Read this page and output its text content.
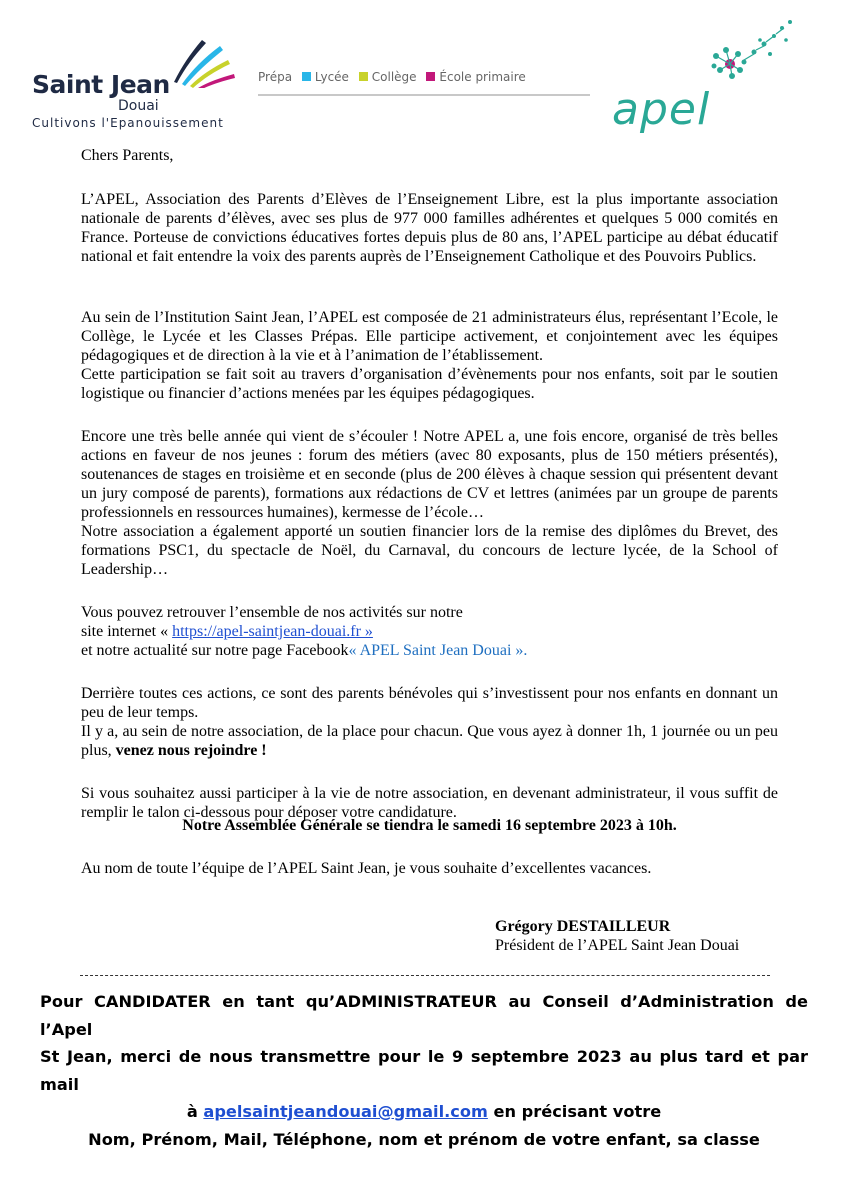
Saint Jean
Douai
Cultivons l'Epanouissement
Prépa Lycée Collège École primaire
apel
Chers Parents,

L’APEL, Association des Parents d’Elèves de l’Enseignement Libre, est la plus importante association nationale de parents d’élèves, avec ses plus de 977 000 familles adhérentes et quelques 5 000 comités en France. Porteuse de convictions éducatives fortes depuis plus de 80 ans, l’APEL participe au débat éducatif national et fait entendre la voix des parents auprès de l’Enseignement Catholique et des Pouvoirs Publics.

Au sein de l’Institution Saint Jean, l’APEL est composée de 21 administrateurs élus, représentant l’Ecole, le Collège, le Lycée et les Classes Prépas. Elle participe activement, et conjointement avec les équipes pédagogiques et de direction à la vie et à l’animation de l’établissement.

Cette participation se fait soit au travers d’organisation d’évènements pour nos enfants, soit par le soutien logistique ou financier d’actions menées par les équipes pédagogiques.

Encore une très belle année qui vient de s’écouler ! Notre APEL a, une fois encore, organisé de très belles actions en faveur de nos jeunes : forum des métiers (avec 80 exposants, plus de 150 métiers présentés), soutenances de stages en troisième et en seconde (plus de 200 élèves à chaque session qui présentent devant un jury composé de parents), formations aux rédactions de CV et lettres (animées par un groupe de parents professionnels en ressources humaines), kermesse de l’école…

Notre association a également apporté un soutien financier lors de la remise des diplômes du Brevet, des formations PSC1, du spectacle de Noël, du Carnaval, du concours de lecture lycée, de la School of Leadership…

Vous pouvez retrouver l’ensemble de nos activités sur notre

site internet « https://apel-saintjean-douai.fr »

et notre actualité sur notre page Facebook« APEL Saint Jean Douai ».

Derrière toutes ces actions, ce sont des parents bénévoles qui s’investissent pour nos enfants en donnant un peu de leur temps.

Il y a, au sein de notre association, de la place pour chacun. Que vous ayez à donner 1h, 1 journée ou un peu plus, venez nous rejoindre !

Si vous souhaitez aussi participer à la vie de notre association, en devenant administrateur, il vous suffit de remplir le talon ci-dessous pour déposer votre candidature.

Notre Assemblée Générale se tiendra le samedi 16 septembre 2023 à 10h.
Au nom de toute l’équipe de l’APEL Saint Jean, je vous souhaite d’excellentes vacances.
Grégory DESTAILLEUR
Président de l’APEL Saint Jean Douai
Pour CANDIDATER en tant qu’ADMINISTRATEUR au Conseil d’Administration de l’Apel
St Jean, merci de nous transmettre pour le 9 septembre 2023 au plus tard et par mail
à apelsaintjeandouai@gmail.com en précisant votre
Nom, Prénom, Mail, Téléphone, nom et prénom de votre enfant, sa classe
